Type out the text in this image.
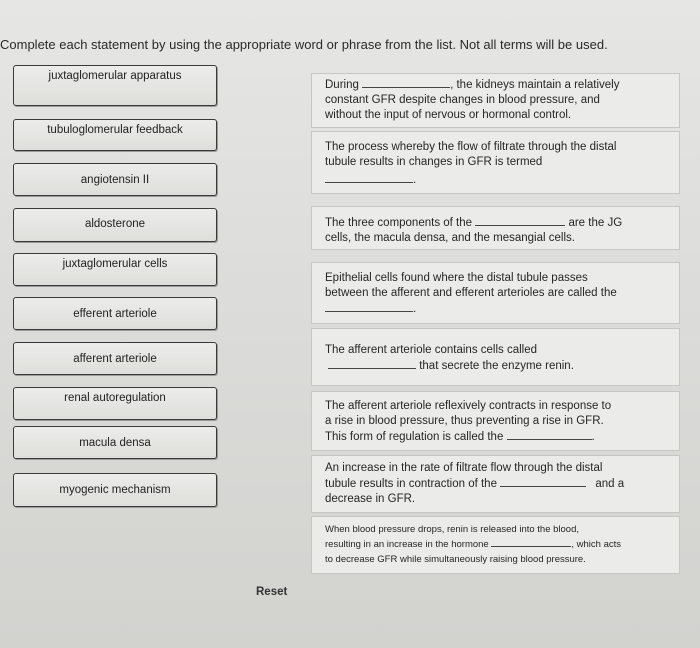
Complete each statement by using the appropriate word or phrase from the list. Not all terms will be used.
juxtaglomerular apparatus
tubuloglomerular feedback
angiotensin II
aldosterone
juxtaglomerular cells
efferent arteriole
afferent arteriole
renal autoregulation
macula densa
myogenic mechanism
During	, the kidneys maintain a relatively
constant GFR despite changes in blood pressure, and
without the input of nervous or hormonal control.
The process whereby the flow of filtrate through the distal
tubule results in changes in GFR is termed
.
The three components of the	are the JG
cells, the macula densa, and the mesangial cells.
Epithelial cells found where the distal tubule passes
between the afferent and efferent arterioles are called the
.
The afferent arteriole contains cells called
that secrete the enzyme renin.
The afferent arteriole reflexively contracts in response to
a rise in blood pressure, thus preventing a rise in GFR.
This form of regulation is called the	.
An increase in the rate of filtrate flow through the distal
tubule results in contraction of the	and a
decrease in GFR.
When blood pressure drops, renin is released into the blood,
resulting in an increase in the hormone	, which acts
to decrease GFR while simultaneously raising blood pressure.
Reset
